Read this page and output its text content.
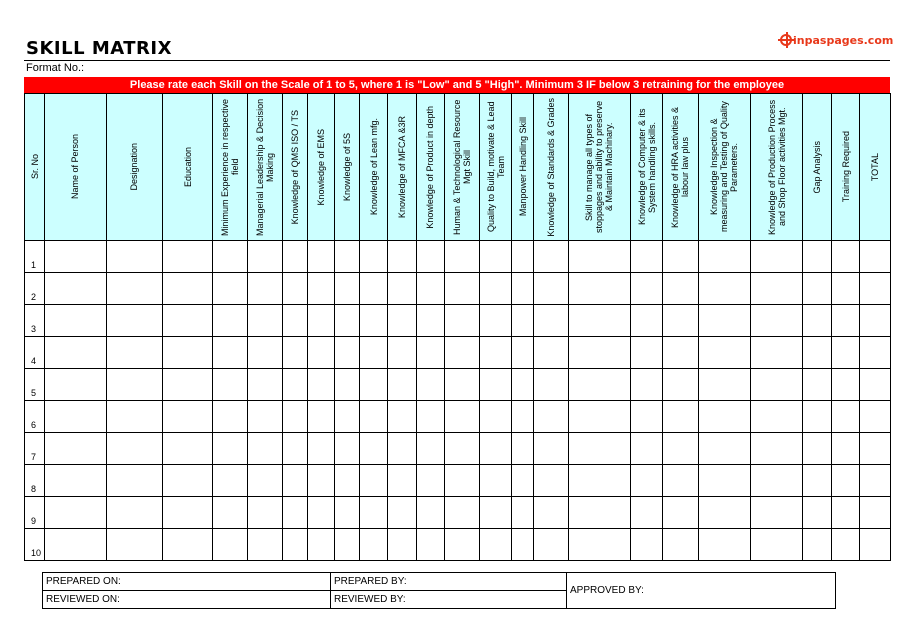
SKILL MATRIX	inpaspages.com
Format No.:
Please rate each Skill on the Scale of 1 to 5, where 1 is "Low" and 5 "High". Minimum 3 IF below 3 retraining for the employee
Sr. No	Name of Person	Designation	Education	Minimum Experience in respective field	Managerial Leadership & Decision Making	Knowledge of QMS ISO / TS	Knowledge of EMS	Knowledge of 5S	Knowledge of Lean mfg.	Knowledge of MFCA &3R	Knowledge of Product in depth	Human & Technological Resource Mgt Skill	Quality to Build, motivate & Lead Team	Manpower Handling Skill	Knowledge of Standards & Grades	Skill to manage all types of stoppages and ability to preserve & Maintain Machinary.	Knowledge of Computer & its System handling skills.	Knowledge of HRA activities & labour law plus	Knowledge Inspection & measuring and Testing of Quality Parameters.	Knowledge of Production Process and Shop Floor activities Mgt.	Gap Analysis	Training Required	TOTAL

1																							
2																							
3																							
4																							
5																							
6																							
7																							
8																							
9																							
10																							
PREPARED ON:	PREPARED BY:	APPROVED BY:
REVIEWED ON:	REVIEWED BY:	
